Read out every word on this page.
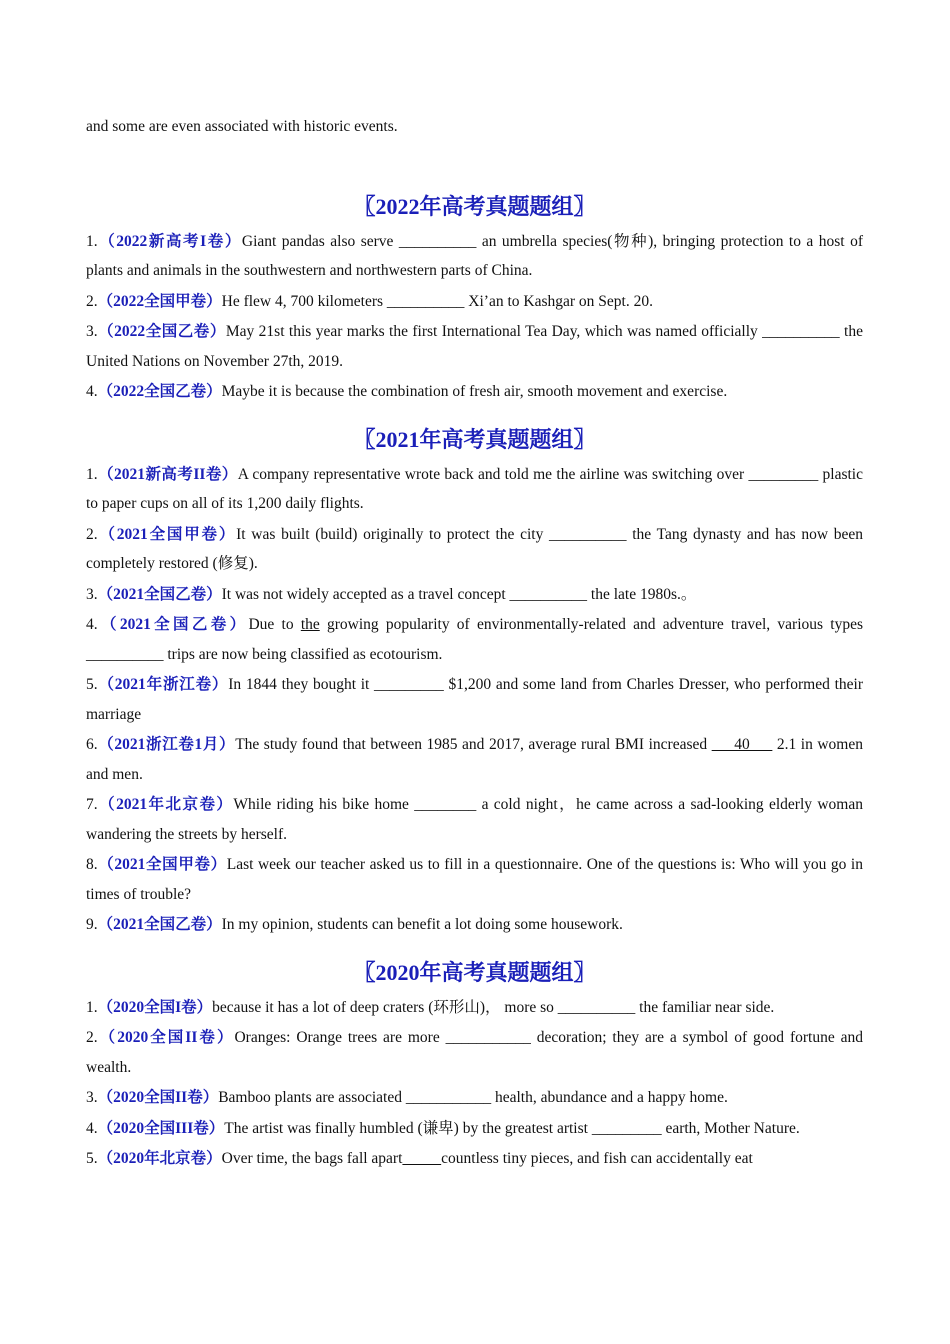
and some are even associated with historic events.

〖2022年高考真题题组〗

1.（2022新高考I卷）Giant pandas also serve __________ an umbrella species(物种), bringing protection to a host of plants and animals in the southwestern and northwestern parts of China.

2.（2022全国甲卷）He flew 4, 700 kilometers __________ Xi’an to Kashgar on Sept. 20.

3.（2022全国乙卷）May 21st this year marks the first International Tea Day, which was named officially __________ the United Nations on November 27th, 2019.

4.（2022全国乙卷）Maybe it is because the combination of fresh air, smooth movement and exercise.

〖2021年高考真题题组〗

1.（2021新高考II卷）A company representative wrote back and told me the airline was switching over _________ plastic to paper cups on all of its 1,200 daily flights.

2.（2021全国甲卷）It was built (build) originally to protect the city __________ the Tang dynasty and has now been completely restored (修复).

3.（2021全国乙卷）It was not widely accepted as a travel concept __________ the late 1980s.。

4.（2021全国乙卷）Due to the growing popularity of environmentally-related and adventure travel, various types __________ trips are now being classified as ecotourism.

5.（2021年浙江卷）In 1844 they bought it _________ $1,200 and some land from Charles Dresser, who performed their marriage

6.（2021浙江卷1月）The study found that between 1985 and 2017, average rural BMI increased      40      2.1 in women and men.

7.（2021年北京卷）While riding his bike home ________ a cold night，he came across a sad-looking elderly woman wandering the streets by herself.

8.（2021全国甲卷）Last week our teacher asked us to fill in a questionnaire. One of the questions is: Who will you go in times of trouble?

9.（2021全国乙卷）In my opinion, students can benefit a lot doing some housework.

〖2020年高考真题题组〗

1.（2020全国I卷）because it has a lot of deep craters (环形山)， more so __________ the familiar near side.

2.（2020全国II卷）Oranges: Orange trees are more ___________ decoration; they are a symbol of good fortune and wealth.

3.（2020全国II卷）Bamboo plants are associated ___________ health, abundance and a happy home.

4.（2020全国III卷）The artist was finally humbled (谦卑) by the greatest artist _________ earth, Mother Nature.

5.（2020年北京卷）Over time, the bags fall apart	countless tiny pieces, and fish can accidentally eat
